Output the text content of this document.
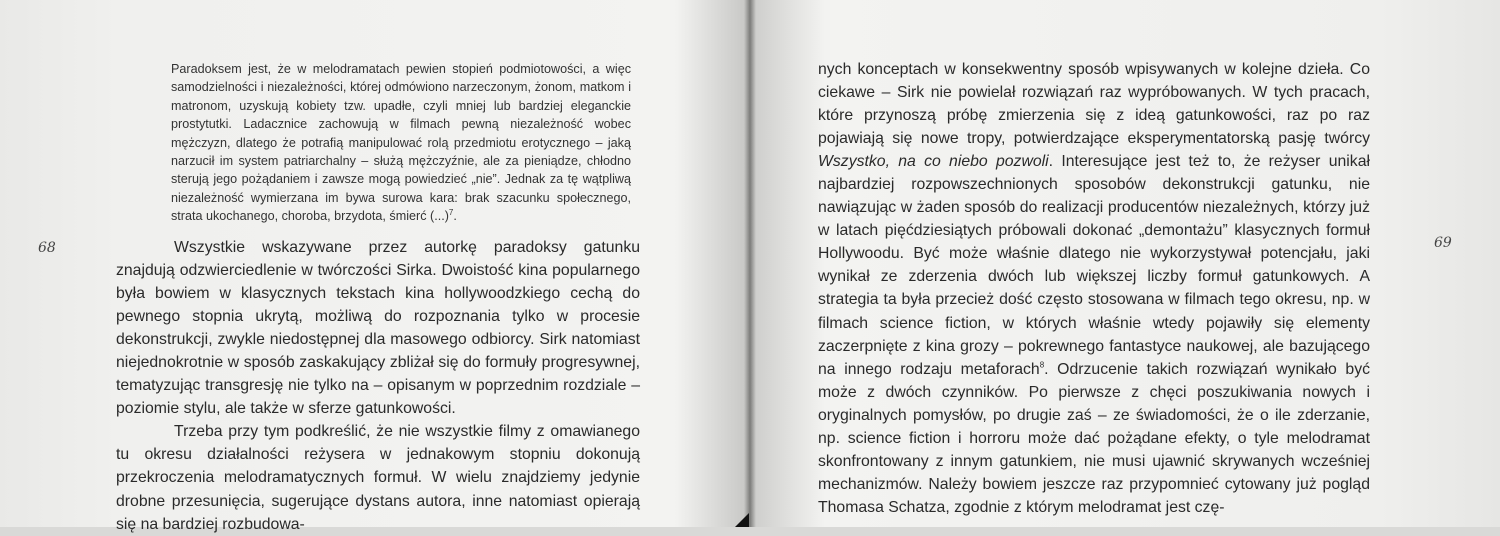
68

Paradoksem jest, że w melodramatach pewien stopień podmiotowości, a więc samodzielności i niezależności, której odmówiono narzeczonym, żonom, matkom i matronom, uzyskują kobiety tzw. upadłe, czyli mniej lub bardziej eleganckie prostytutki. Ladacznice zachowują w filmach pewną niezależność wobec mężczyzn, dlatego że potrafią manipulować rolą przedmiotu erotycznego – jaką narzucił im system patriarchalny – służą mężczyźnie, ale za pieniądze, chłodno sterują jego pożądaniem i zawsze mogą powiedzieć „nie”. Jednak za tę wątpliwą niezależność wymierzana im bywa surowa kara: brak szacunku społecznego, strata ukochanego, choroba, brzydota, śmierć (...)$^7$.

Wszystkie wskazywane przez autorkę paradoksy gatunku znajdują odzwierciedlenie w twórczości Sirka. Dwoistość kina popularnego była bowiem w klasycznych tekstach kina hollywoodzkiego cechą do pewnego stopnia ukrytą, możliwą do rozpoznania tylko w procesie dekonstrukcji, zwykle niedostępnej dla masowego odbiorcy. Sirk natomiast niejednokrotnie w sposób zaskakujący zbliżał się do formuły progresywnej, tematyzując transgresję nie tylko na – opisanym w poprzednim rozdziale – poziomie stylu, ale także w sferze gatunkowości.

Trzeba przy tym podkreślić, że nie wszystkie filmy z omawianego tu okresu działalności reżysera w jednakowym stopniu dokonują przekroczenia melodramatycznych formuł. W wielu znajdziemy jedynie drobne przesunięcia, sugerujące dystans autora, inne natomiast opierają się na bardziej rozbudowa-

nych konceptach w konsekwentny sposób wpisywanych w kolejne dzieła. Co ciekawe – Sirk nie powielał rozwiązań raz wypróbowanych. W tych pracach, które przynoszą próbę zmierzenia się z ideą gatunkowości, raz po raz pojawiają się nowe tropy, potwierdzające eksperymentatorską pasję twórcy Wszystko, na co niebo pozwoli. Interesujące jest też to, że reżyser unikał najbardziej rozpowszechnionych sposobów dekonstrukcji gatunku, nie nawiązując w żaden sposób do realizacji producentów niezależnych, którzy już w latach pięćdziesiątych próbowali dokonać „demontażu” klasycznych formuł Hollywoodu. Być może właśnie dlatego nie wykorzystywał potencjału, jaki wynikał ze zderzenia dwóch lub większej liczby formuł gatunkowych. A strategia ta była przecież dość często stosowana w filmach tego okresu, np. w filmach science fiction, w których właśnie wtedy pojawiły się elementy zaczerpnięte z kina grozy – pokrewnego fantastyce naukowej, ale bazującego na innego rodzaju metaforach$^8$. Odrzucenie takich rozwiązań wynikało być może z dwóch czynników. Po pierwsze z chęci poszukiwania nowych i oryginalnych pomysłów, po drugie zaś – ze świadomości, że o ile zderzanie, np. science fiction i horroru może dać pożądane efekty, o tyle melodramat skonfrontowany z innym gatunkiem, nie musi ujawnić skrywanych wcześniej mechanizmów. Należy bowiem jeszcze raz przypomnieć cytowany już pogląd Thomasa Schatza, zgodnie z którym melodramat jest czę-

69
